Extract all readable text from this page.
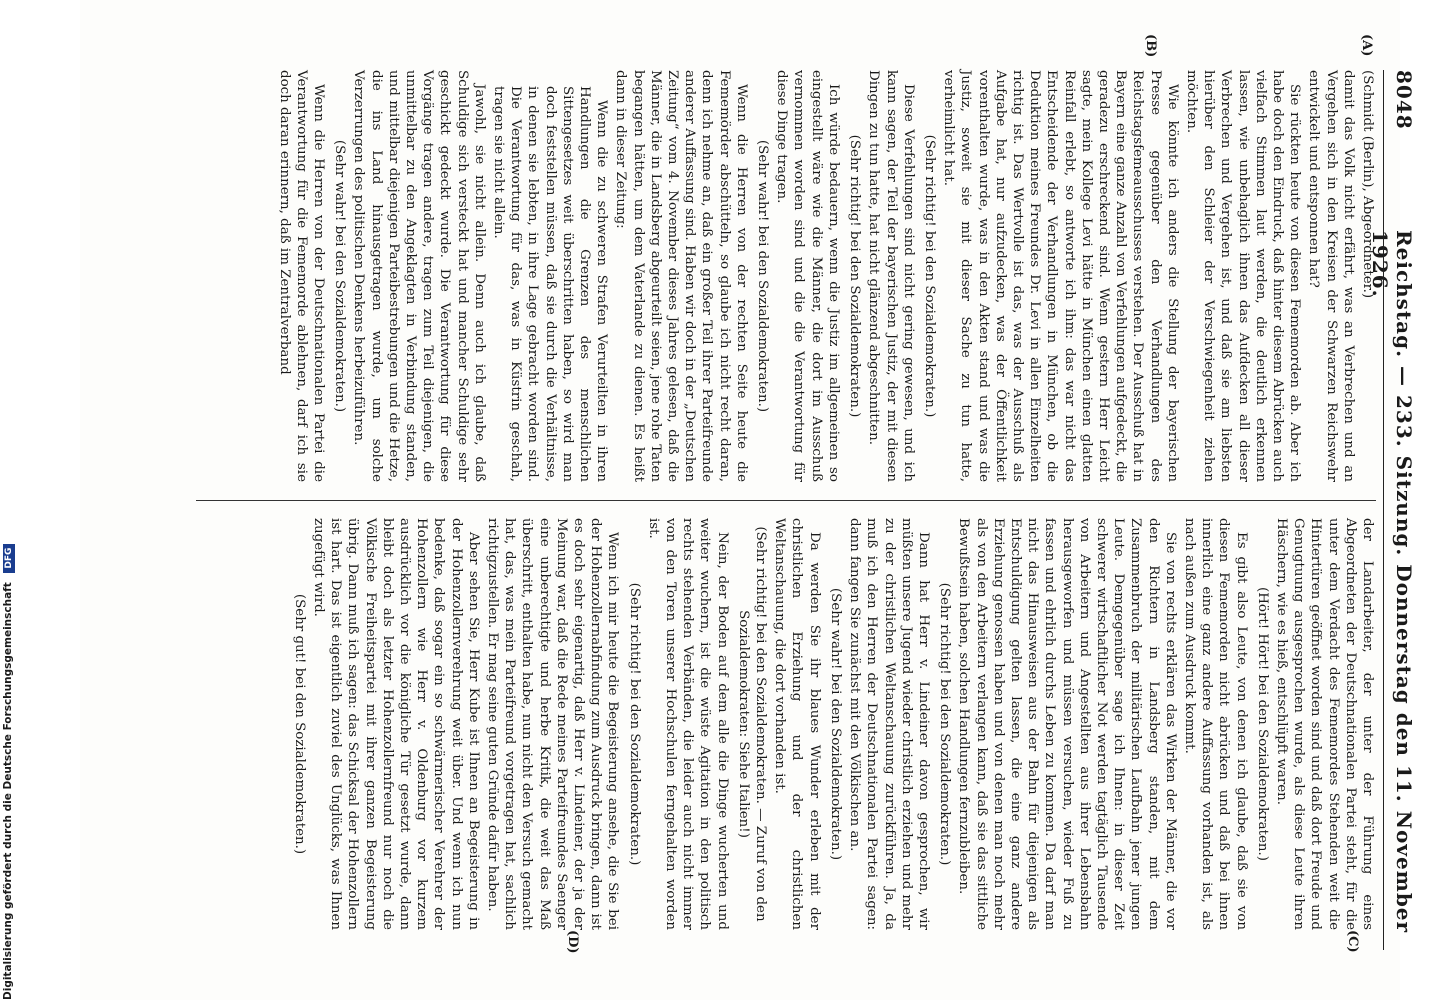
8048
Reichstag. — 233. Sitzung. Donnerstag den 11. November 1926.
(A)
(B)
(C)
(D)

(Schmidt (Berlin), Abgeordneter.)

damit das Volk nicht erfährt, was an Verbrechen und an Vergehen sich in den Kreisen der Schwarzen Reichswehr entwickelt und entsponnen hat?

Sie rückten heute von diesen Fememorden ab. Aber ich habe doch den Eindruck, daß hinter diesem Abrücken auch vielfach Stimmen laut werden, die deutlich erkennen lassen, wie unbehaglich ihnen das Aufdecken all dieser Verbrechen und Vergehen ist, und daß sie am liebsten hierüber den Schleier der Verschwiegenheit ziehen möchten.

Wie könnte ich anders die Stellung der bayerischen Presse gegenüber den Verhandlungen des Reichstagsfemeausschusses verstehen. Der Ausschuß hat in Bayern eine ganze Anzahl von Verfehlungen aufgedeckt, die geradezu erschreckend sind. Wenn gestern Herr Leicht sagte, mein Kollege Levi hätte in München einen glatten Reinfall erlebt, so antworte ich ihm: das war nicht das Entscheidende der Verhandlungen in München, ob die Deduktion meines Freundes Dr. Levi in allen Einzelheiten richtig ist. Das Wertvolle ist das, was der Ausschuß als Aufgabe hat, nur aufzudecken, was der Öffentlichkeit vorenthalten wurde, was in den Akten stand und was die Justiz, soweit sie mit dieser Sache zu tun hatte, verheimlicht hat.

(Sehr richtig! bei den Sozialdemokraten.)

Diese Verfehlungen sind nicht gering gewesen, und ich kann sagen, der Teil der bayerischen Justiz, der mit diesen Dingen zu tun hatte, hat nicht glänzend abgeschnitten.

(Sehr richtig! bei den Sozialdemokraten.)

Ich würde bedauern, wenn die Justiz im allgemeinen so eingestellt wäre wie die Männer, die dort im Ausschuß vernommen worden sind und die die Verantwortung für diese Dinge tragen.

(Sehr wahr! bei den Sozialdemokraten.)

Wenn die Herren von der rechten Seite heute die Fememörder abschütteln, so glaube ich nicht recht daran, denn ich nehme an, daß ein großer Teil ihrer Parteifreunde anderer Auffassung sind. Haben wir doch in der „Deutschen Zeitung“ vom 4. November dieses Jahres gelesen, daß die Männer, die in Landsberg abgeurteilt seien, jene rohe Taten begangen hätten, um dem Vaterlande zu dienen. Es heißt dann in dieser Zeitung:

Wenn die zu schweren Strafen Verurteilten in ihren Handlungen die Grenzen des menschlichen Sittengesetzes weit überschritten haben, so wird man doch feststellen müssen, daß sie durch die Verhältnisse, in denen sie lebten, in ihre Lage gebracht worden sind. Die Verantwortung für das, was in Küstrin geschah, tragen sie nicht allein.

Jawohl, sie nicht allein. Denn auch ich glaube, daß Schuldige sich versteckt hat und mancher Schuldige sehr geschickt gedeckt wurde. Die Verantwortung für diese Vorgänge tragen andere, tragen zum Teil diejenigen, die unmittelbar zu den Angeklagten in Verbindung standen, und mittelbar diejenigen Parteibestrebungen und die Hetze, die ins Land hinausgetragen wurde, um solche Verzerrungen des politischen Denkens herbeizuführen.

(Sehr wahr! bei den Sozialdemokraten.)

Wenn die Herren von der Deutschnationalen Partei die Verantwortung für die Fememorde ablehnen, darf ich sie doch daran erinnern, daß im Zentralverband

der Landarbeiter, der unter der Führung eines Abgeordneten der Deutschnationalen Partei steht, für die unter dem Verdacht des Fememordes Stehenden weit die Hintertüren geöffnet worden sind und daß dort Freude und Genugtuung ausgesprochen wurde, als diese Leute ihren Häschern, wie es hieß, entschlüpft waren.

(Hört! Hört! bei den Sozialdemokraten.)

Es gibt also Leute, von denen ich glaube, daß sie von diesen Fememorden nicht abrücken und daß bei ihnen innerlich eine ganz andere Auffassung vorhanden ist, als nach außen zum Ausdruck kommt.

Sie von rechts erklären das Wirken der Männer, die vor den Richtern in Landsberg standen, mit dem Zusammenbruch der militärischen Laufbahn jener jungen Leute. Demgegenüber sage ich Ihnen: in dieser Zeit schwerer wirtschaftlicher Not werden tagtäglich Tausende von Arbeitern und Angestellten aus ihrer Lebensbahn herausgeworfen und müssen versuchen, wieder Fuß zu fassen und ehrlich durchs Leben zu kommen. Da darf man nicht das Hinausweisen aus der Bahn für diejenigen als Entschuldigung gelten lassen, die eine ganz andere Erziehung genossen haben und von denen man noch mehr als von den Arbeitern verlangen kann, daß sie das sittliche Bewußtsein haben, solchen Handlungen fernzubleiben.

(Sehr richtig! bei den Sozialdemokraten.)

Dann hat Herr v. Lindeiner davon gesprochen, wir müßten unsere Jugend wieder christlich erziehen und mehr zu der christlichen Weltanschauung zurückführen. Ja, da muß ich den Herren der Deutschnationalen Partei sagen: dann fangen Sie zunächst mit den Völkischen an.

(Sehr wahr! bei den Sozialdemokraten.)

Da werden Sie ihr blaues Wunder erleben mit der christlichen Erziehung und der christlichen Weltanschauung, die dort vorhanden ist.

(Sehr richtig! bei den Sozialdemokraten. — Zuruf von den Sozialdemokraten: Siehe Italien!)

Nein, der Boden auf dem alle die Dinge wucherten und weiter wuchern, ist die wüste Agitation in den politisch rechts stehenden Verbänden, die leider auch nicht immer von den Toren unserer Hochschulen ferngehalten worden ist.

(Sehr richtig! bei den Sozialdemokraten.)

Wenn ich mir heute die Begeisterung ansehe, die Sie bei der Hohenzollernabfindung zum Ausdruck bringen, dann ist es doch sehr eigenartig, daß Herr v. Lindeiner, der ja der Meinung war, daß die Rede meines Parteifreundes Saenger eine unberechtigte und herbe Kritik, die weit das Maß überschritt, enthalten habe, nun nicht den Versuch gemacht hat, das, was mein Parteifreund vorgetragen hat, sachlich richtigzustellen. Er mag seine guten Gründe dafür haben.

Aber sehen Sie, Herr Kube ist Ihnen an Begeisterung in der Hohenzollernverehrung weit über. Und wenn ich nun bedenke, daß sogar ein so schwärmerischer Verehrer der Hohenzollern wie Herr v. Oldenburg vor kurzem ausdrücklich vor die königliche Tür gesetzt wurde, dann bleibt doch als letzter Hohenzollernfreund nur noch die Völkische Freiheitspartei mit ihrer ganzen Begeisterung übrig. Dann muß ich sagen: das Schicksal der Hohenzollern ist hart. Das ist eigentlich zuviel des Unglücks, was Ihnen zugefügt wird.

(Sehr gut! bei den Sozialdemokraten.)

Digitalisierung gefördert durch die Deutsche Forschungsgemeinschaft DFG
